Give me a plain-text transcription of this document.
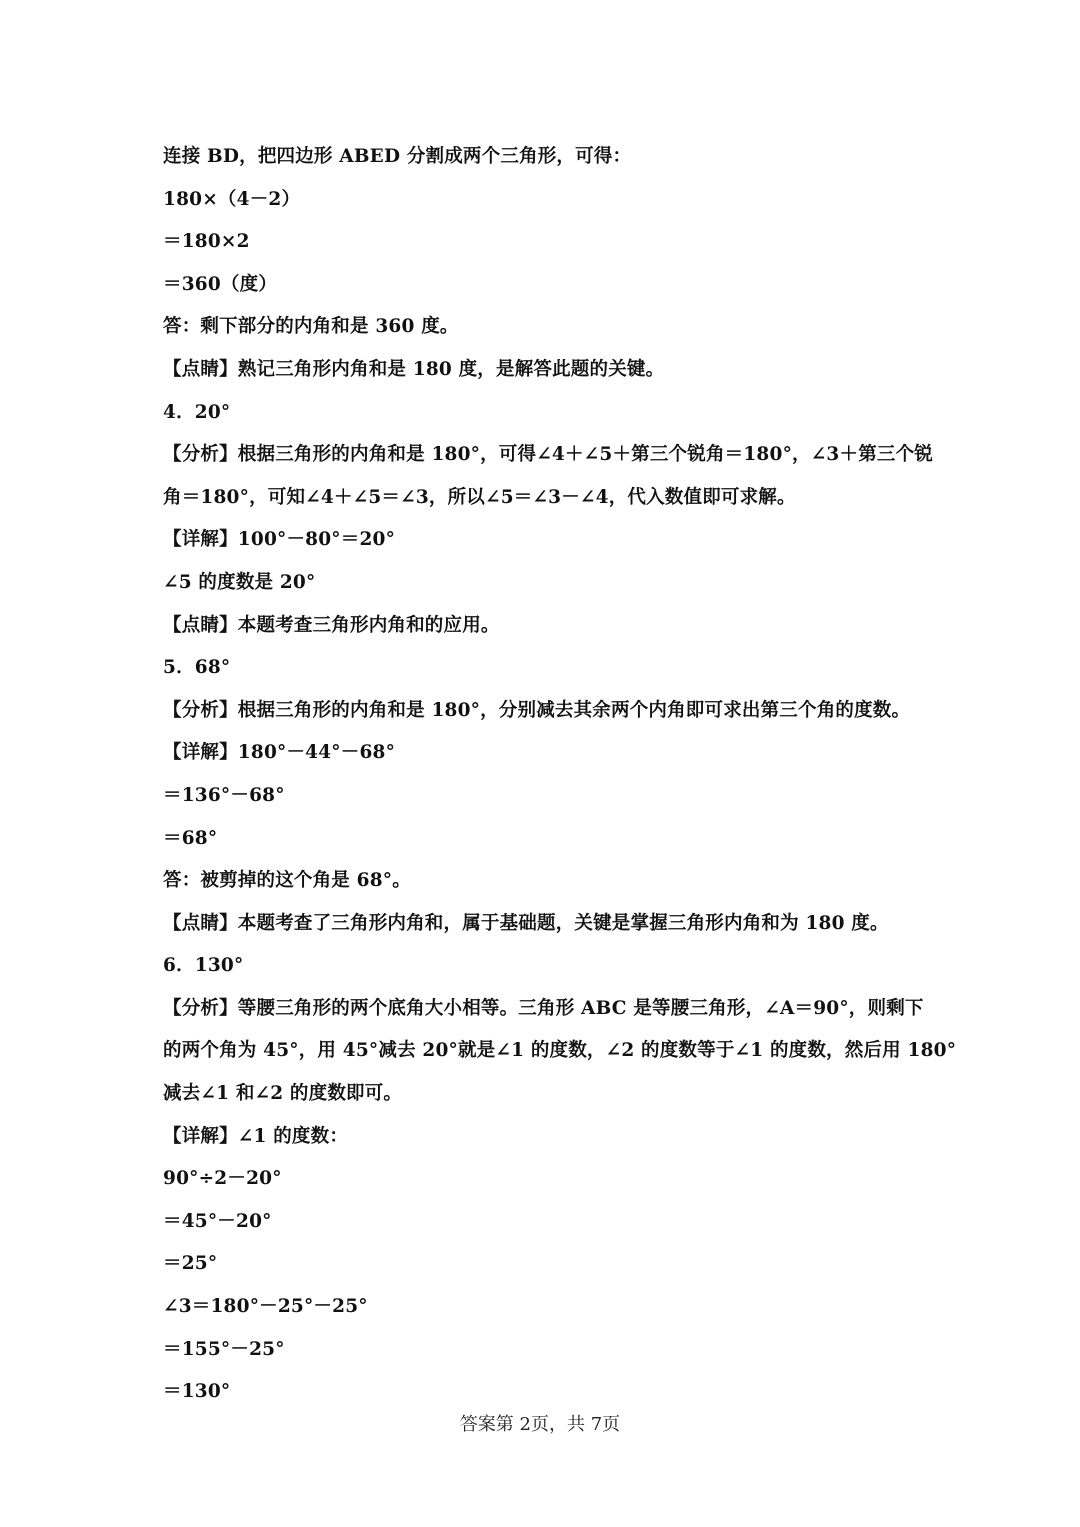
连接 BD，把四边形 ABED 分割成两个三角形，可得：
180×（4－2）
＝180×2
＝360（度）
答：剩下部分的内角和是 360 度。
【点睛】熟记三角形内角和是 180 度，是解答此题的关键。
4．20°
【分析】根据三角形的内角和是 180°，可得∠4＋∠5＋第三个锐角＝180°，∠3＋第三个锐
角＝180°，可知∠4＋∠5＝∠3，所以∠5＝∠3－∠4，代入数值即可求解。
【详解】100°－80°＝20°
∠5 的度数是 20°
【点睛】本题考查三角形内角和的应用。
5．68°
【分析】根据三角形的内角和是 180°，分别减去其余两个内角即可求出第三个角的度数。
【详解】180°－44°－68°
＝136°－68°
＝68°
答：被剪掉的这个角是 68°。
【点睛】本题考查了三角形内角和，属于基础题，关键是掌握三角形内角和为 180 度。
6．130°
【分析】等腰三角形的两个底角大小相等。三角形 ABC 是等腰三角形，∠A＝90°，则剩下
的两个角为 45°，用 45°减去 20°就是∠1 的度数，∠2 的度数等于∠1 的度数，然后用 180°
减去∠1 和∠2 的度数即可。
【详解】∠1 的度数：
90°÷2－20°
＝45°－20°
＝25°
∠3＝180°－25°－25°
＝155°－25°
＝130°
答案第 2页，共 7页
